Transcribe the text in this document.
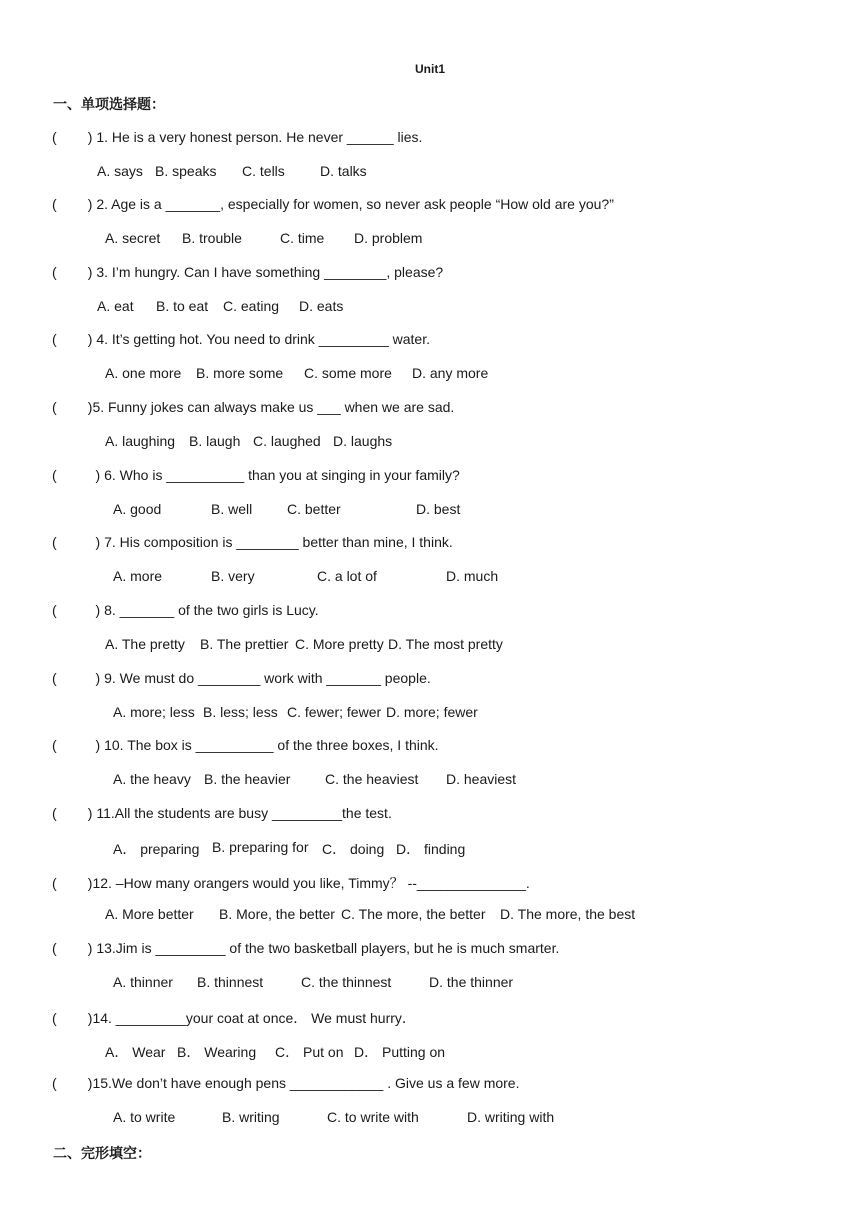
Unit1
一、单项选择题：
(        ) 1. He is a very honest person. He never ______ lies.
A. says B. speaks C. tells	D. talks
(        ) 2. Age is a _______, especially for women, so never ask people “How old are you?”
A. secret B. trouble	C. time D. problem
(        ) 3. I’m hungry. Can I have something ________, please?
A. eat B. to eat C. eating D. eats
(        ) 4. It’s getting hot. You need to drink _________ water.
A. one more B. more some C. some more D. any more
(        )5. Funny jokes can always make us ___ when we are sad.
A. laughing B. laugh C. laughed D. laughs
(          ) 6. Who is __________ than you at singing in your family?
A. good	B. well C. better	D. best
(          ) 7. His composition is ________ better than mine, I think.
A. more	B. very	C. a lot of	D. much
(          ) 8. _______ of the two girls is Lucy.
A. The pretty B. The prettier C. More pretty D. The most pretty
(          ) 9. We must do ________ work with _______ people.
A. more; less B. less; less C. fewer; fewer D. more; fewer
(          ) 10. The box is __________ of the three boxes, I think.
A. the heavy B. the heavier C. the heaviest D. heaviest
(        ) 11.All the students are busy _________the test.
A． preparing B. preparing for C． doing D． finding
(        )12. –How many orangers would you like, Timmy？ --______________.
A. More better B. More, the better C. The more, the better D. The more, the best
(        ) 13.Jim is _________ of the two basketball players, but he is much smarter.
A. thinner B. thinnest	C. the thinnest	D. the thinner
(        )14. _________your coat at once． We must hurry．
A． Wear B． Wearing C． Put on D． Putting on
(        )15.We don’t have enough pens ____________ . Give us a few more.
A. to write	B. writing	C. to write with	D. writing with
二、完形填空：
